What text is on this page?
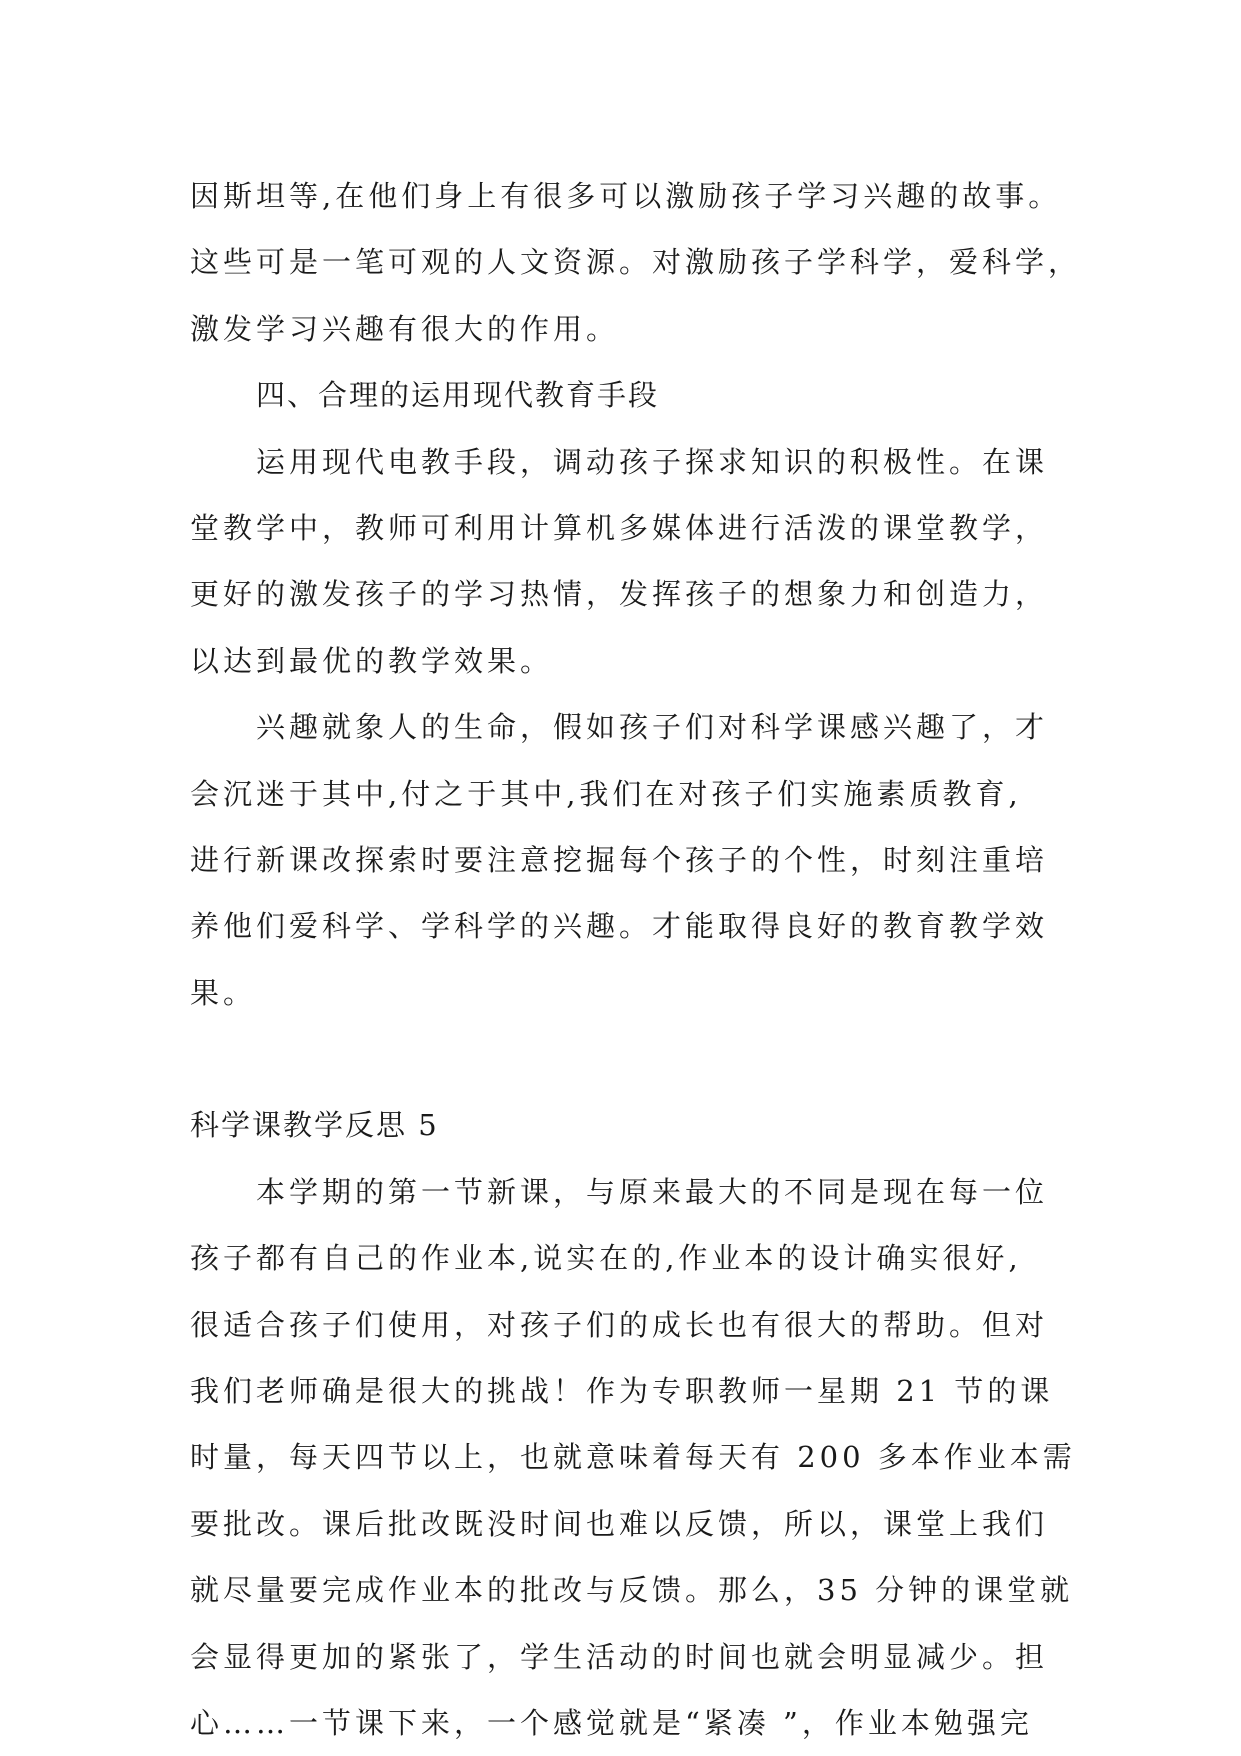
因斯坦等,在他们身上有很多可以激励孩子学习兴趣的故事。
这些可是一笔可观的人文资源。对激励孩子学科学，爱科学，
激发学习兴趣有很大的作用。
四、合理的运用现代教育手段
运用现代电教手段，调动孩子探求知识的积极性。在课
堂教学中，教师可利用计算机多媒体进行活泼的课堂教学，
更好的激发孩子的学习热情，发挥孩子的想象力和创造力，
以达到最优的教学效果。
兴趣就象人的生命，假如孩子们对科学课感兴趣了，才
会沉迷于其中,付之于其中,我们在对孩子们实施素质教育,
进行新课改探索时要注意挖掘每个孩子的个性，时刻注重培
养他们爱科学、学科学的兴趣。才能取得良好的教育教学效
果。
科学课教学反思 5
本学期的第一节新课，与原来最大的不同是现在每一位
孩子都有自己的作业本,说实在的,作业本的设计确实很好,
很适合孩子们使用，对孩子们的成长也有很大的帮助。但对
我们老师确是很大的挑战！作为专职教师一星期 21 节的课
时量，每天四节以上，也就意味着每天有 200 多本作业本需
要批改。课后批改既没时间也难以反馈，所以，课堂上我们
就尽量要完成作业本的批改与反馈。那么，35 分钟的课堂就
会显得更加的紧张了，学生活动的时间也就会明显减少。担
心……一节课下来，一个感觉就是“紧凑 ”，作业本勉强完
